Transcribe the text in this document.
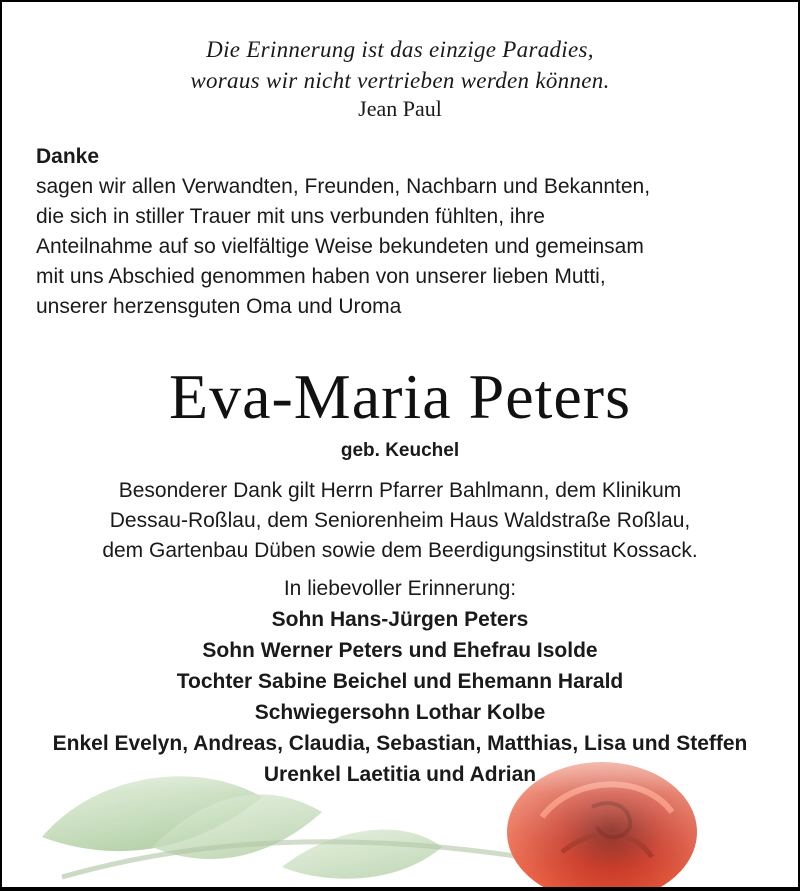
Die Erinnerung ist das einzige Paradies,
woraus wir nicht vertrieben werden können.
Jean Paul
Danke
sagen wir allen Verwandten, Freunden, Nachbarn und Bekannten,
die sich in stiller Trauer mit uns verbunden fühlten, ihre
Anteilnahme auf so vielfältige Weise bekundeten und gemeinsam
mit uns Abschied genommen haben von unserer lieben Mutti,
unserer herzensguten Oma und Uroma
Eva-Maria Peters
geb. Keuchel
Besonderer Dank gilt Herrn Pfarrer Bahlmann, dem Klinikum
Dessau-Roßlau, dem Seniorenheim Haus Waldstraße Roßlau,
dem Gartenbau Düben sowie dem Beerdigungsinstitut Kossack.
In liebevoller Erinnerung:
Sohn Hans-Jürgen Peters
Sohn Werner Peters und Ehefrau Isolde
Tochter Sabine Beichel und Ehemann Harald
Schwiegersohn Lothar Kolbe
Enkel Evelyn, Andreas, Claudia, Sebastian, Matthias, Lisa und Steffen
Urenkel Laetitia und Adrian
